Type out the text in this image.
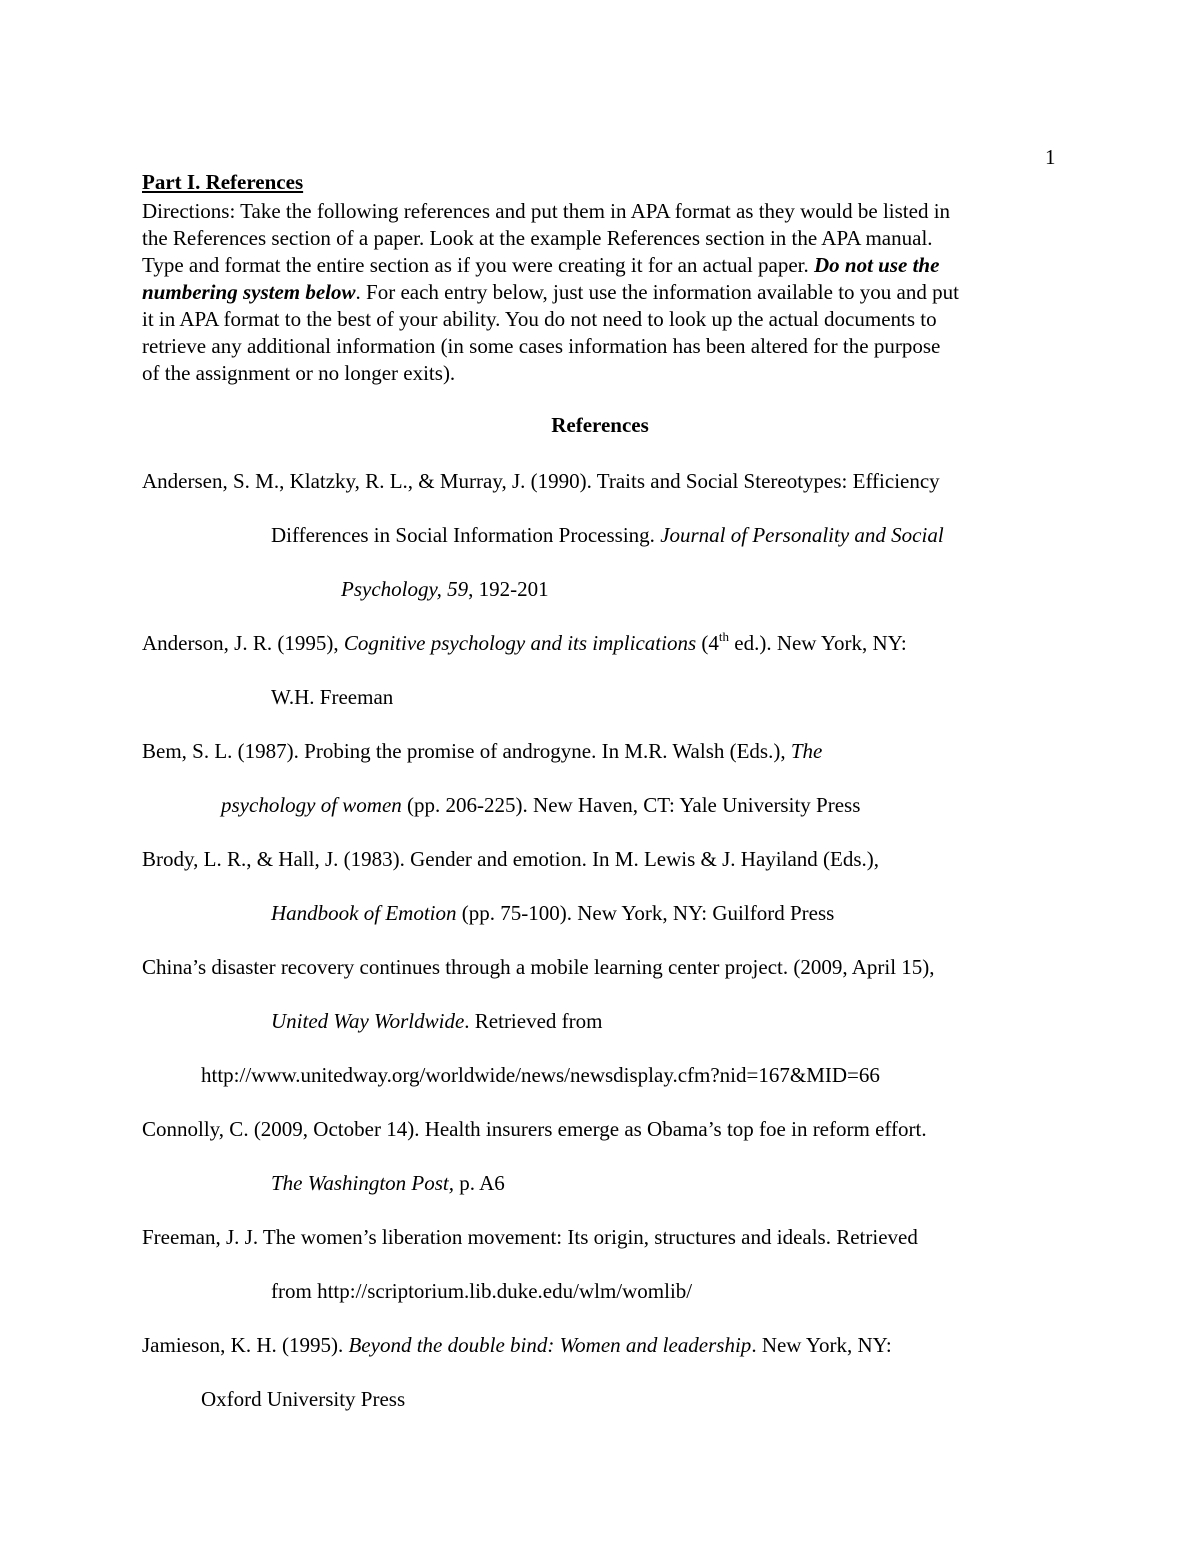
1
Part I. References

Directions: Take the following references and put them in APA format as they would be listed in

the References section of a paper. Look at the example References section in the APA manual.

Type and format the entire section as if you were creating it for an actual paper. Do not use the

numbering system below. For each entry below, just use the information available to you and put

it in APA format to the best of your ability. You do not need to look up the actual documents to

retrieve any additional information (in some cases information has been altered for the purpose

of the assignment or no longer exits).

References
Andersen, S. M., Klatzky, R. L., & Murray, J. (1990). Traits and Social Stereotypes: Efficiency
Differences in Social Information Processing. Journal of Personality and Social
Psychology, 59, 192-201
Anderson, J. R. (1995), Cognitive psychology and its implications (4th ed.). New York, NY:
W.H. Freeman
Bem, S. L. (1987). Probing the promise of androgyne. In M.R. Walsh (Eds.), The
psychology of women (pp. 206-225). New Haven, CT: Yale University Press
Brody, L. R., & Hall, J. (1983). Gender and emotion. In M. Lewis & J. Hayiland (Eds.),
Handbook of Emotion (pp. 75-100). New York, NY: Guilford Press
China’s disaster recovery continues through a mobile learning center project. (2009, April 15),
United Way Worldwide. Retrieved from
http://www.unitedway.org/worldwide/news/newsdisplay.cfm?nid=167&MID=66
Connolly, C. (2009, October 14). Health insurers emerge as Obama’s top foe in reform effort.
The Washington Post, p. A6
Freeman, J. J. The women’s liberation movement: Its origin, structures and ideals. Retrieved
from http://scriptorium.lib.duke.edu/wlm/womlib/
Jamieson, K. H. (1995). Beyond the double bind: Women and leadership. New York, NY:
Oxford University Press
